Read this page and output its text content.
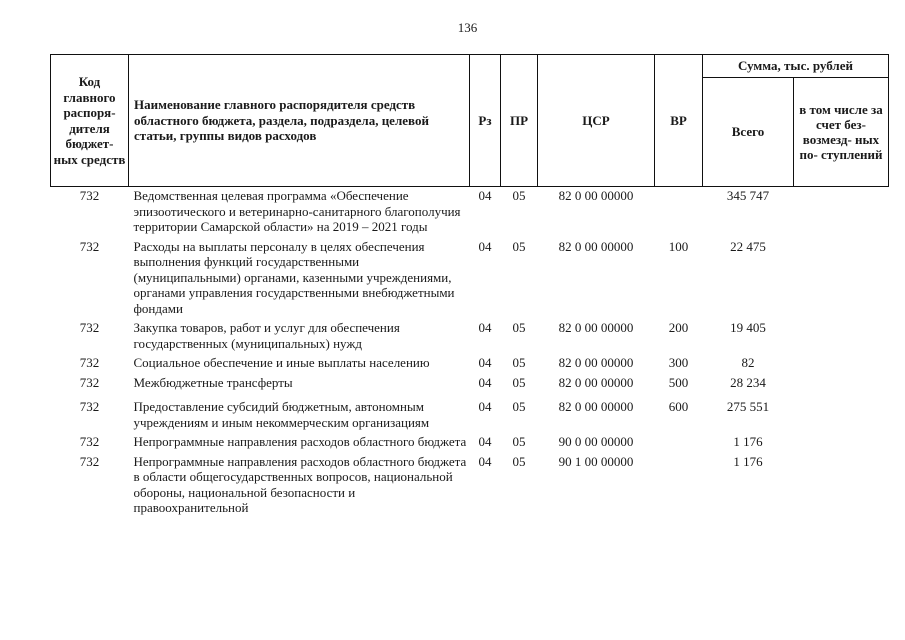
136
Код главного распоря- дителя бюджет- ных средств	Наименование главного распорядителя средств областного бюджета, раздела, подраздела, целевой статьи, группы видов расходов	Рз	ПР	ЦСР	ВР	Сумма, тыс. рублей	
						Всего	в том числе за счет без- возмезд- ных по- ступлений
732	Ведомственная целевая программа «Обеспечение эпизоотического и ветеринарно-санитарного благополучия территории Самарской области» на 2019 – 2021 годы	04	05	82 0 00 00000		345 747	
732	Расходы на выплаты персоналу в целях обеспечения выполнения функций государственными (муниципальными) органами, казенными учреждениями, органами управления государственными внебюджетными фондами	04	05	82 0 00 00000	100	22 475	
732	Закупка товаров, работ и услуг для обеспечения государственных (муниципальных) нужд	04	05	82 0 00 00000	200	19 405	
732	Социальное обеспечение и иные выплаты населению	04	05	82 0 00 00000	300	82	
732	Межбюджетные трансферты	04	05	82 0 00 00000	500	28 234	
732	Предоставление субсидий бюджетным, автономным учреждениям и иным некоммерческим организациям	04	05	82 0 00 00000	600	275 551	
732	Непрограммные направления расходов областного бюджета	04	05	90 0 00 00000		1 176	
732	Непрограммные направления расходов областного бюджета в области общегосударственных вопросов, национальной обороны, национальной безопасности и правоохранительной	04	05	90 1 00 00000		1 176	
